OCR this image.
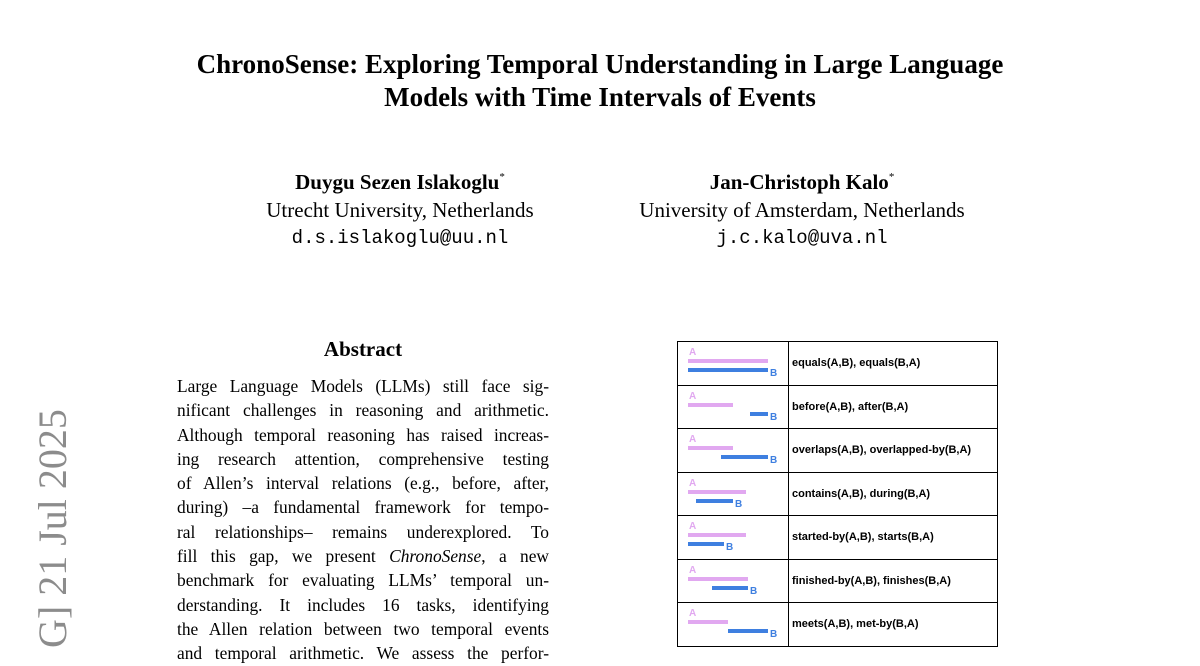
ChronoSense: Exploring Temporal Understanding in Large Language
Models with Time Intervals of Events
Duygu Sezen Islakoglu*
Utrecht University, Netherlands
d.s.islakoglu@uu.nl
Jan-Christoph Kalo*
University of Amsterdam, Netherlands
j.c.kalo@uva.nl
Abstract
Large Language Models (LLMs) still face sig-
nificant challenges in reasoning and arithmetic.
Although temporal reasoning has raised increas-
ing research attention, comprehensive testing
of Allen’s interval relations (e.g., before, after,
during) –a fundamental framework for tempo-
ral relationships– remains underexplored. To
fill this gap, we present ChronoSense, a new
benchmark for evaluating LLMs’ temporal un-
derstanding. It includes 16 tasks, identifying
the Allen relation between two temporal events
and temporal arithmetic. We assess the perfor-
G] 21 Jul 2025
A
B	equals(A,B), equals(B,A)

A
B	before(A,B), after(B,A)

A
B	overlaps(A,B), overlapped-by(B,A)

A
B	contains(A,B), during(B,A)

A
B	started-by(A,B), starts(B,A)

A
B	finished-by(A,B), finishes(B,A)

A
B	meets(A,B), met-by(B,A)
